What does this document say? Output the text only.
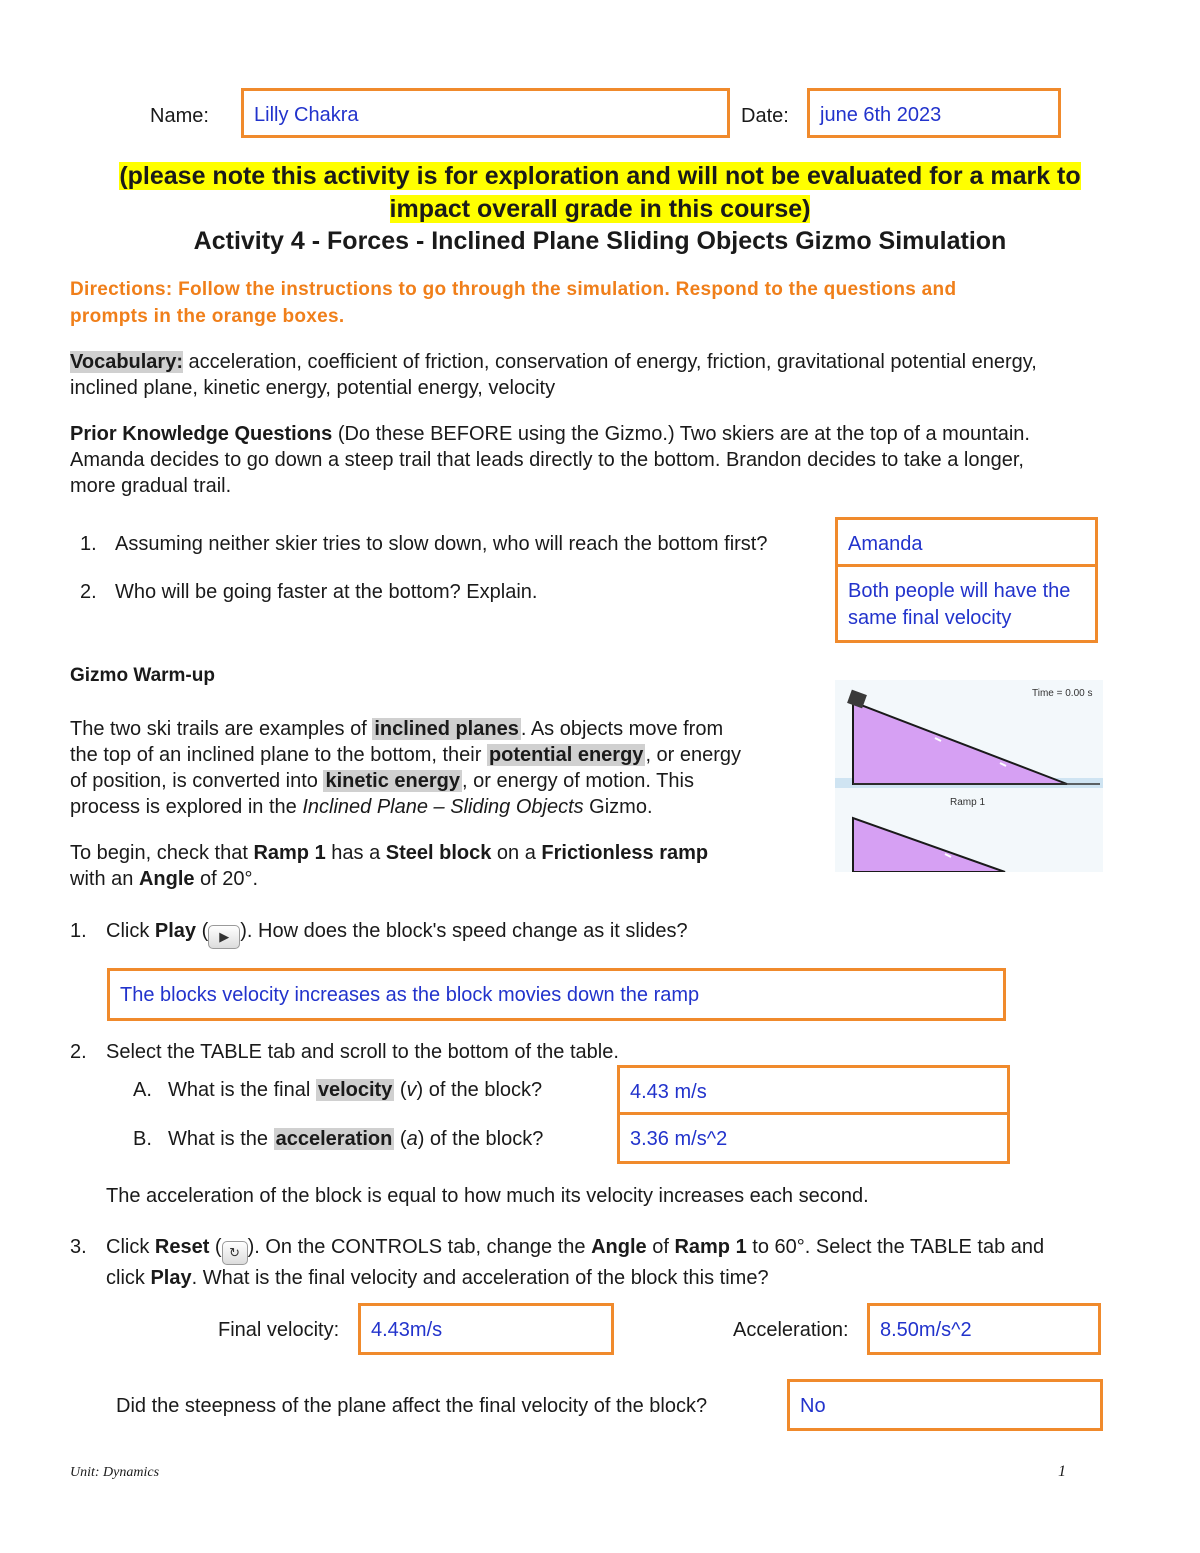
Name:	Lilly Chakra	Date:	june 6th 2023
(please note this activity is for exploration and will not be evaluated for a mark to
impact overall grade in this course)
Activity 4 - Forces - Inclined Plane Sliding Objects Gizmo Simulation
Directions: Follow the instructions to go through the simulation. Respond to the questions and
prompts in the orange boxes.
Vocabulary: acceleration, coefficient of friction, conservation of energy, friction, gravitational potential energy,
inclined plane, kinetic energy, potential energy, velocity
Prior Knowledge Questions (Do these BEFORE using the Gizmo.) Two skiers are at the top of a mountain.
Amanda decides to go down a steep trail that leads directly to the bottom. Brandon decides to take a longer,
more gradual trail.
1. Assuming neither skier tries to slow down, who will reach the bottom first?
2. Who will be going faster at the bottom? Explain.
Amanda
Both people will have the
same final velocity
Gizmo Warm-up
The two ski trails are examples of inclined planes . As objects move from
the top of an inclined plane to the bottom, their potential energy , or energy
of position, is converted into kinetic energy , or energy of motion. This
process is explored in the Inclined Plane – Sliding Objects Gizmo.
To begin, check that Ramp 1 has a Steel block on a Frictionless ramp
with an Angle of 20°.
Time = 0.00 s
Ramp 1
1. Click Play ( ▶ ). How does the block's speed change as it slides?
The blocks velocity increases as the block movies down the ramp
2. Select the TABLE tab and scroll to the bottom of the table.
A. What is the final velocity (v) of the block?	4.43 m/s
B. What is the acceleration (a) of the block?	3.36 m/s^2
The acceleration of the block is equal to how much its velocity increases each second.
3. Click Reset ( ↻ ). On the CONTROLS tab, change the Angle of Ramp 1 to 60°. Select the TABLE tab and
click Play. What is the final velocity and acceleration of the block this time?
Final velocity:	4.43m/s	Acceleration:	8.50m/s^2
Did the steepness of the plane affect the final velocity of the block?	No
Unit: Dynamics	1
